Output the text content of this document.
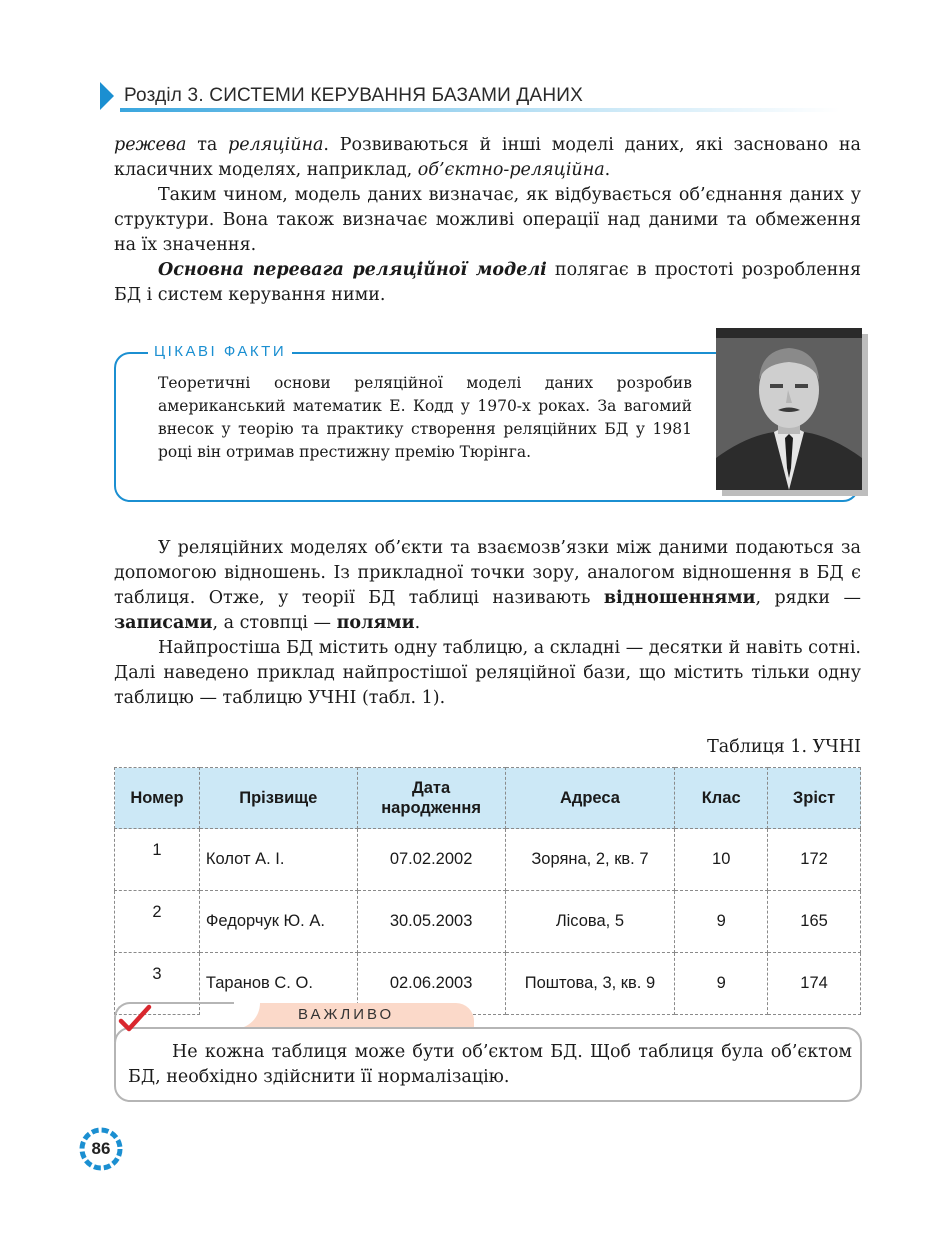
Розділ 3. СИСТЕМИ КЕРУВАННЯ БАЗАМИ ДАНИХ

режева та реляційна. Розвиваються й інші моделі даних, які засновано на класичних моделях, наприклад, об’єктно-реляційна.

Таким чином, модель даних визначає, як відбувається об’єднання даних у структури. Вона також визначає можливі операції над даними та обмеження на їх значення.

Основна перевага реляційної моделі полягає в простоті розроблення БД і систем керування ними.

ЦІКАВІ ФАКТИ
Теоретичні основи реляційної моделі даних розробив американський математик Е. Кодд у 1970-х роках. За вагомий внесок у теорію та практику створення реляційних БД у 1981 році він отримав престижну премію Тюрінга.

У реляційних моделях об’єкти та взаємозв’язки між даними подаються за допомогою відношень. Із прикладної точки зору, аналогом відношення в БД є таблиця. Отже, у теорії БД таблиці називають відношеннями, рядки — записами, а стовпці — полями.

Найпростіша БД містить одну таблицю, а складні — десятки й навіть сотні. Далі наведено приклад найпростішої реляційної бази, що містить тільки одну таблицю — таблицю УЧНІ (табл. 1).

Таблиця 1. УЧНІ
Номер	Прізвище	Дата народження	Адреса	Клас	Зріст
1	Колот А. І.	07.02.2002	Зоряна, 2, кв. 7	10	172
2	Федорчук Ю. А.	30.05.2003	Лісова, 5	9	165
3	Таранов С. О.	02.06.2003	Поштова, 3, кв. 9	9	174
ВАЖЛИВО
Не кожна таблиця може бути об’єктом БД. Щоб таблиця була об’єктом БД, необхідно здійснити її нормалізацію.
86
